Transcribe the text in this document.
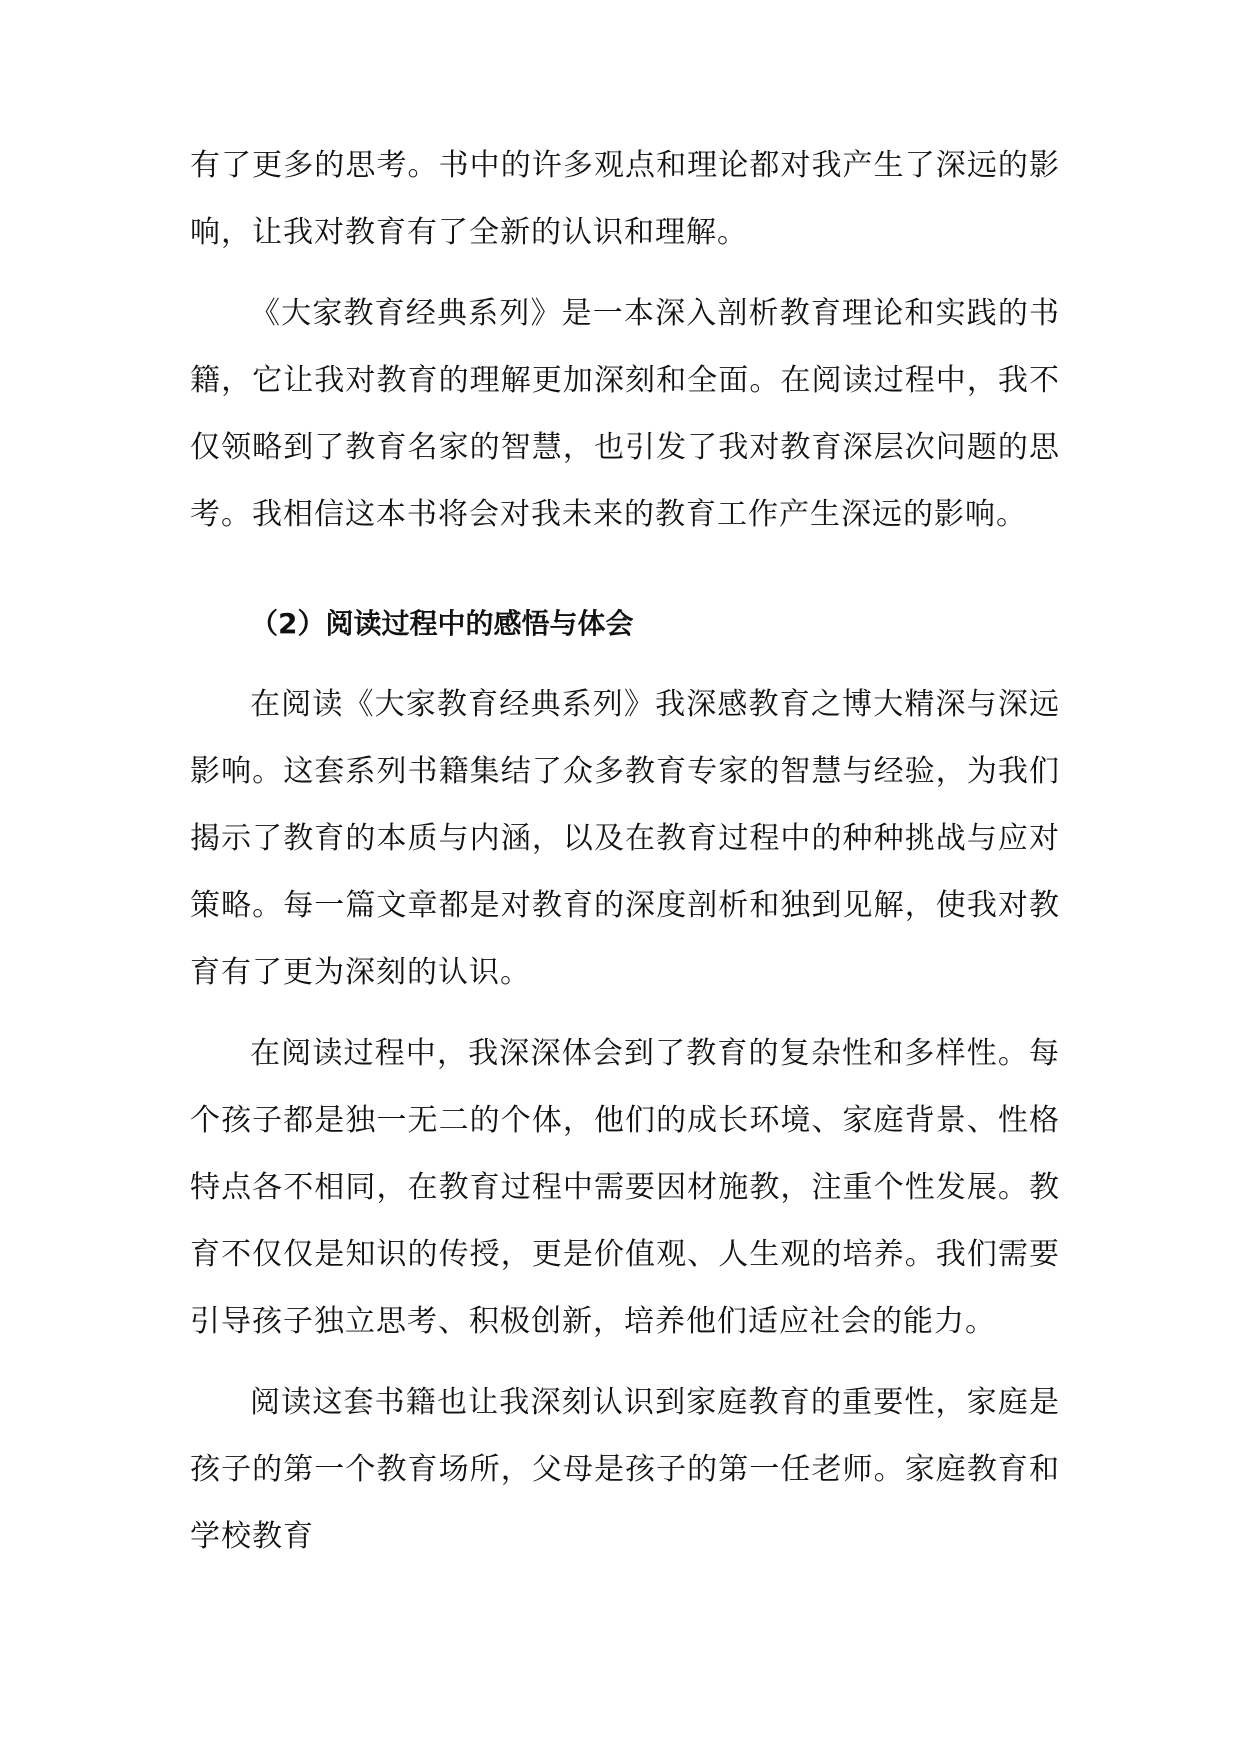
有了更多的思考。书中的许多观点和理论都对我产生了深远的影响，让我对教育有了全新的认识和理解。

《大家教育经典系列》是一本深入剖析教育理论和实践的书籍，它让我对教育的理解更加深刻和全面。在阅读过程中，我不仅领略到了教育名家的智慧，也引发了我对教育深层次问题的思考。我相信这本书将会对我未来的教育工作产生深远的影响。

（2）阅读过程中的感悟与体会

在阅读《大家教育经典系列》我深感教育之博大精深与深远影响。这套系列书籍集结了众多教育专家的智慧与经验，为我们揭示了教育的本质与内涵，以及在教育过程中的种种挑战与应对策略。每一篇文章都是对教育的深度剖析和独到见解，使我对教育有了更为深刻的认识。

在阅读过程中，我深深体会到了教育的复杂性和多样性。每个孩子都是独一无二的个体，他们的成长环境、家庭背景、性格特点各不相同，在教育过程中需要因材施教，注重个性发展。教育不仅仅是知识的传授，更是价值观、人生观的培养。我们需要引导孩子独立思考、积极创新，培养他们适应社会的能力。

阅读这套书籍也让我深刻认识到家庭教育的重要性，家庭是孩子的第一个教育场所，父母是孩子的第一任老师。家庭教育和学校教育
